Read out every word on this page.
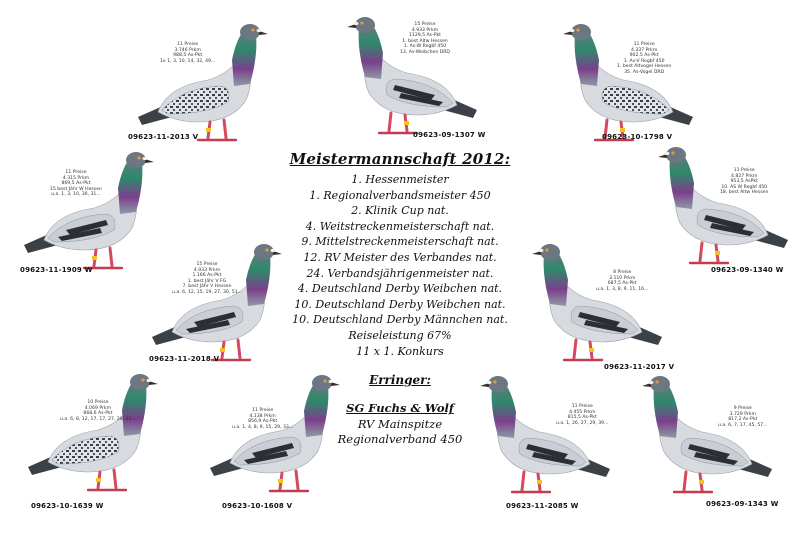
Meistermannschaft 2012:
1. Hessenmeister
1. Regionalverbandsmeister 450
2. Klinik Cup nat.
4. Weitstreckenmeisterschaft nat.
9. Mittelstreckenmeisterschaft nat.
12. RV Meister des Verbandes nat.
24. Verbandsjährigenmeister nat.
4. Deutschland Derby Weibchen nat.
10. Deutschland Derby Weibchen nat.
10. Deutschland Derby Männchen nat.
Reiseleistung 67%
11 x 1. Konkurs
Erringer:
SG Fuchs & Wolf
RV Mainspitze
Regionalverband 450
09623-11-2013 V
11 Preise
3.746 Prkm
988,5 As-Pkt
1x 1, 3, 10, 14, 32, 49...
09623-09-1307 W
15 Preise
4.933 Prkm
1129,5 As-Pkt
1. best Altw Hessen
1. As-W Regbf 450
13. As-Weibchen DRD
09623-10-1798 V
11 Preise
4.337 Prkm
902,5 As-Pkt
1. As-V Regbf 450
1. best Altvogel Hessen
35. As-Vogel DRD
09623-11-1909 W
11 Preise
4.315 Prkm
869,5 As-Pkt
15 best Jähr W Hessen
u.a. 1, 3, 10, 30, 31...
09623-09-1340 W
11 Preise
4.827 Prkm
953,5 AsPkt
10. AS W Regbf 450
18. best Altw Hessen
09623-11-2018 V
15 Preise
4.933 Prkm
1.166 As-Pkt
1. best Jähr V FG
7. best Jähr V Hessen
u.a. 6, 12, 15, 19, 27, 30, 51...
09623-11-2017 V
8 Preise
3.110 Prkm
687,5 As-Pkt
u.a. 1, 3, 8, 9, 11, 16...
09623-10-1639 W
10 Preise
4.069 Prkm
868,6 As-Pkt
u.a. 6, 8, 12, 17, 17, 27, 26, 31...
09623-10-1608 V
11 Preise
4.138 Prkm
856,9 As-Pkt
u.a. 1, 4, 8, 9, 15, 29, 33...
09623-11-2085 W
11 Preise
4.455 Prkm
815,5 As-Pkt
u.a. 1, 26, 27, 29, 39...
09623-09-1343 W
9 Preise
3.729 Prkm
817,2 As-Pkt
u.a. 6, 7, 17, 45, 57...
